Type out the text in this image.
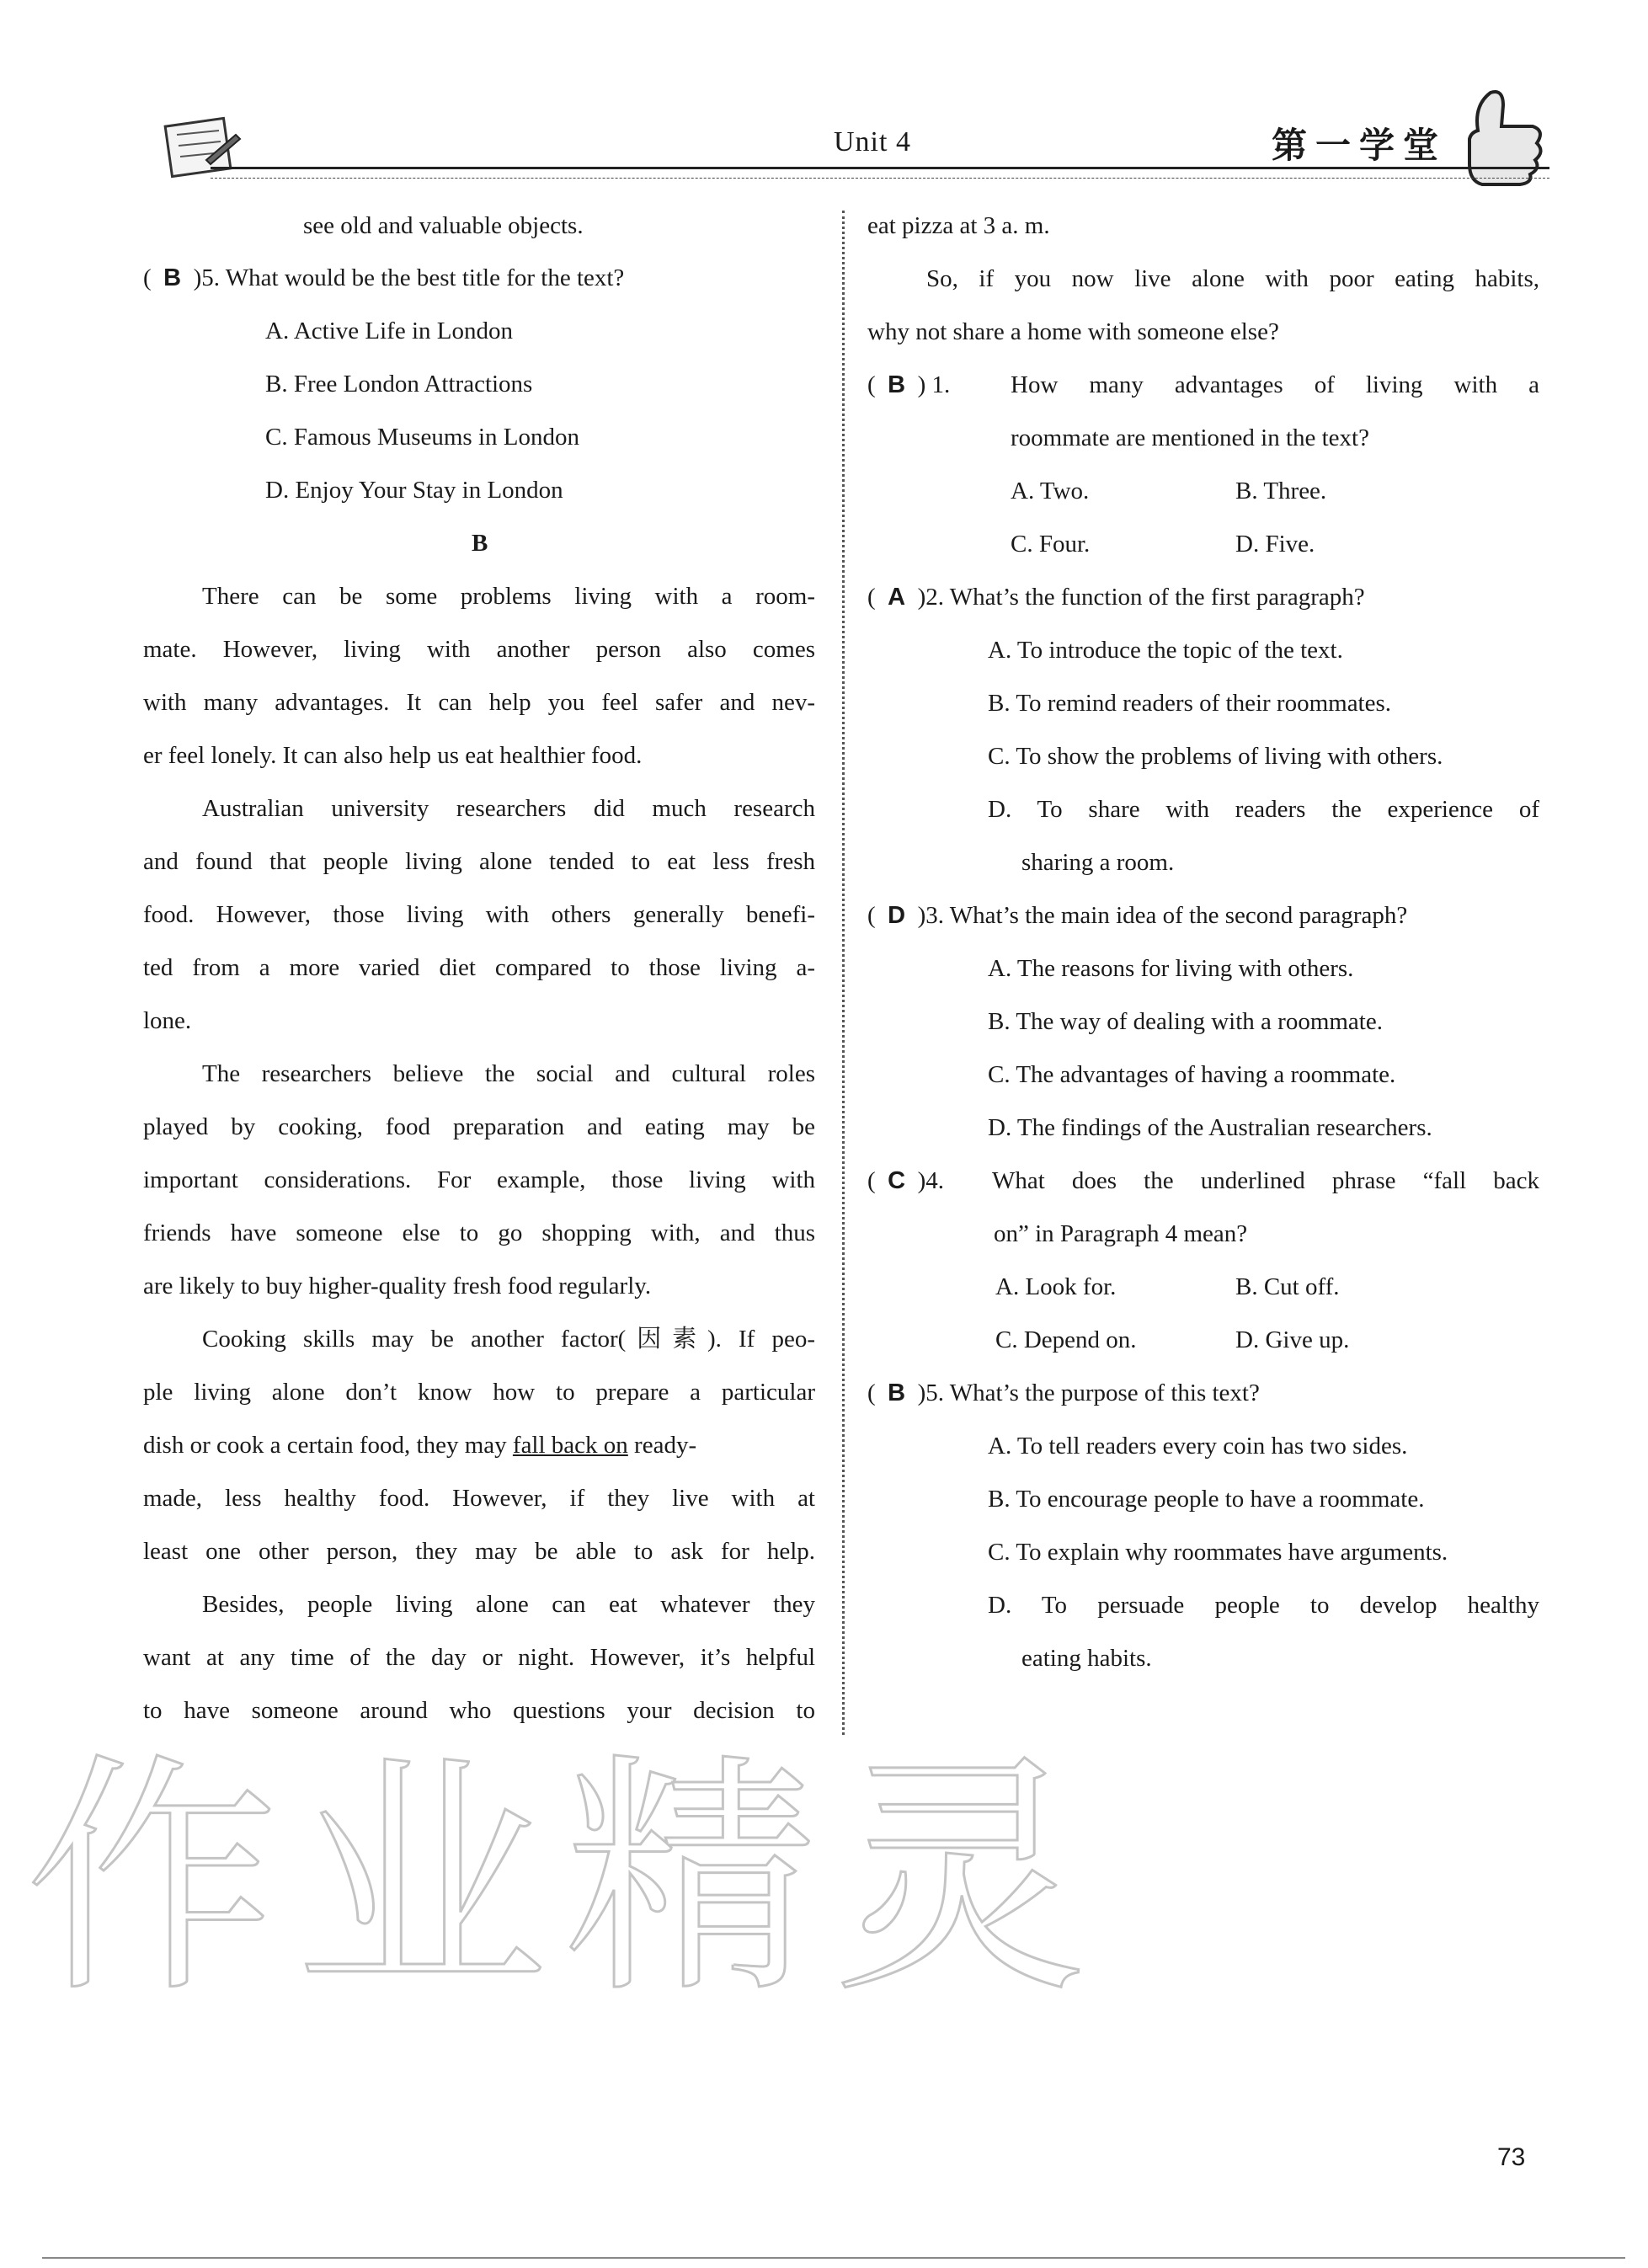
Unit 4	第一学堂
see old and valuable objects.
(  B )5. What would be the best title for the text?
A. Active Life in London
B. Free London Attractions
C. Famous Museums in London
D. Enjoy Your Stay in London
B
There can be some problems living with a room-
mate. However, living with another person also comes
with many advantages. It can help you feel safer and nev-
er feel lonely. It can also help us eat healthier food.
Australian university researchers did much research
and found that people living alone tended to eat less fresh
food. However, those living with others generally benefi-
ted from a more varied diet compared to those living a-
lone.
The researchers believe the social and cultural roles
played by cooking, food preparation and eating may be
important considerations. For example, those living with
friends have someone else to go shopping with, and thus
are likely to buy higher-quality fresh food regularly.
Cooking skills may be another factor(因素). If peo-
ple living alone don’t know how to prepare a particular
dish or cook a certain food, they may fall back on ready-
made, less healthy food. However, if they live with at
least one other person, they may be able to ask for help.
Besides, people living alone can eat whatever they
want at any time of the day or night. However, it’s helpful
to have someone around who questions your decision to
eat pizza at 3 a. m.
So, if you now live alone with poor eating habits,
why not share a home with someone else?
(  B ) 1. How many advantages of living with a
roommate are mentioned in the text?
A. Two.	B. Three.
C. Four.	D. Five.
(  A )2. What’s the function of the first paragraph?
A. To introduce the topic of the text.
B. To remind readers of their roommates.
C. To show the problems of living with others.
D. To share with readers the experience of
sharing a room.
(  D )3. What’s the main idea of the second paragraph?
A. The reasons for living with others.
B. The way of dealing with a roommate.
C. The advantages of having a roommate.
D. The findings of the Australian researchers.
(  C )4. What does the underlined phrase “fall back
on” in Paragraph 4 mean?
A. Look for.	B. Cut off.
C. Depend on.	D. Give up.
(  B )5. What’s the purpose of this text?
A. To tell readers every coin has two sides.
B. To encourage people to have a roommate.
C. To explain why roommates have arguments.
D. To persuade people to develop healthy
eating habits.
作业精灵
73
